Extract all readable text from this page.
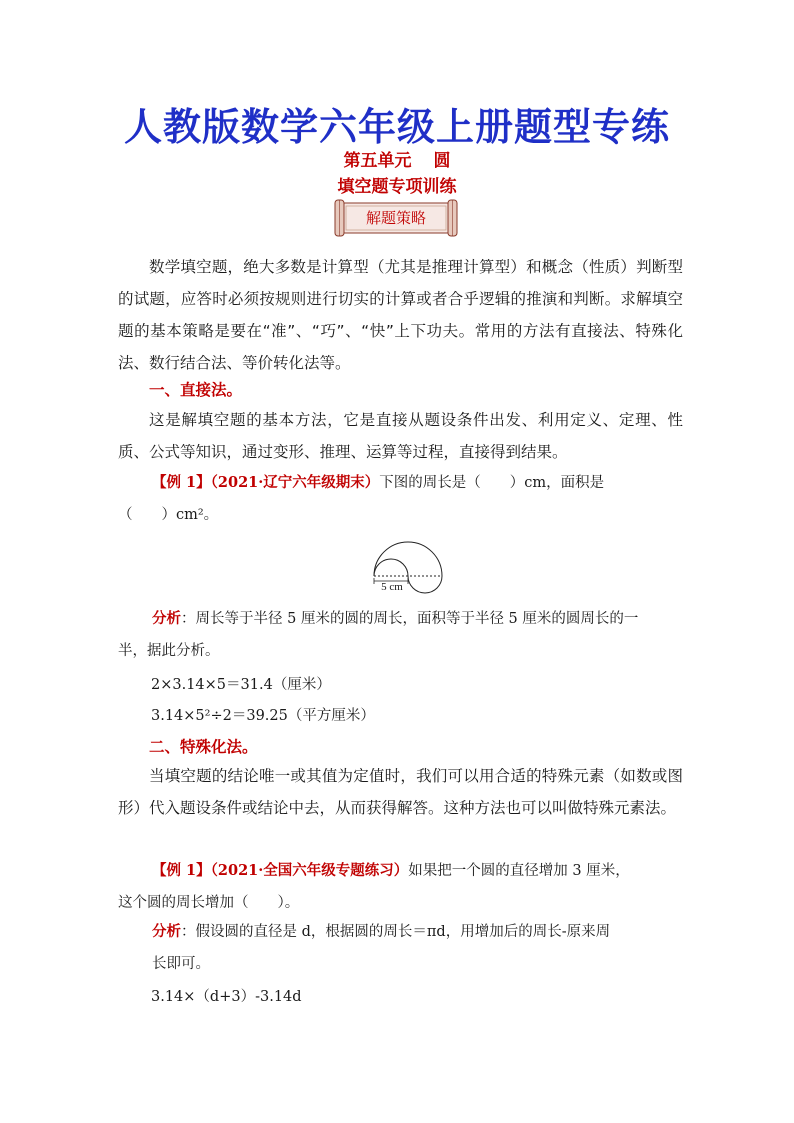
人教版数学六年级上册题型专练
第五单元 圆
填空题专项训练
解题策略
数学填空题，绝大多数是计算型（尤其是推理计算型）和概念（性质）判断型的试题，应答时必须按规则进行切实的计算或者合乎逻辑的推演和判断。求解填空题的基本策略是要在“准”、“巧”、“快”上下功夫。常用的方法有直接法、特殊化法、数行结合法、等价转化法等。
一、直接法。
这是解填空题的基本方法，它是直接从题设条件出发、利用定义、定理、性质、公式等知识，通过变形、推理、运算等过程，直接得到结果。
【例 1】（2021·辽宁六年级期末）下图的周长是（　　）cm，面积是
（　　）cm²。
5 cm
分析：周长等于半径 5 厘米的圆的周长，面积等于半径 5 厘米的圆周长的一
半，据此分析。
2×3.14×5＝31.4（厘米）
3.14×5²÷2＝39.25（平方厘米）
二、特殊化法。
当填空题的结论唯一或其值为定值时，我们可以用合适的特殊元素（如数或图形）代入题设条件或结论中去，从而获得解答。这种方法也可以叫做特殊元素法。
【例 1】（2021·全国六年级专题练习）如果把一个圆的直径增加 3 厘米，
这个圆的周长增加（　　）。
分析：假设圆的直径是 d，根据圆的周长＝πd，用增加后的周长-原来周
长即可。
3.14×（d+3）-3.14d
